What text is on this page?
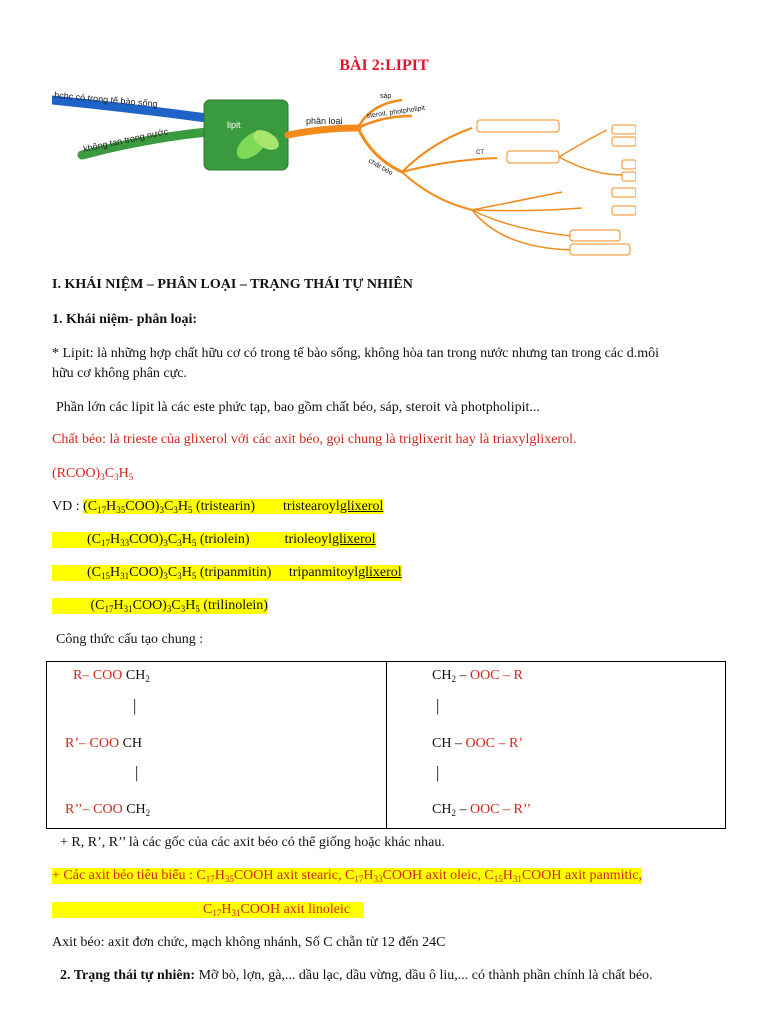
BÀI 2:LIPIT
hchc có trong tế bào sống
không tan trong nước
lipit	phân loại
sáp
steroit, photpholipit
chất béo
CT
I. KHÁI NIỆM – PHÂN LOẠI – TRẠNG THÁI TỰ NHIÊN
1. Khái niệm- phân loại:
* Lipit: là những hợp chất hữu cơ có trong tế bào sống, không hòa tan trong nước nhưng tan trong các d.môi
hữu cơ không phân cực.
Phần lớn các lipit là các este phức tạp, bao gồm chất béo, sáp, steroit và photpholipit...
Chất béo: là trieste của glixerol với các axit béo, gọi chung là triglixerit hay là triaxylglixerol.
$(RCOO)_3C_3H_5$
VD : $(C_{17}H_{35}COO)_3C_3H_5$ (tristearin) tristearoylglixerol
$(C_{17}H_{33}COO)_3C_3H_5$ (triolein)	trioleoylglixerol
$(C_{15}H_{31}COO)_3C_3H_5$ (tripanmitin) tripanmitoylglixerol
$(C_{17}H_{31}COO)_3C_3H_5$ (trilinolein)
Công thức cấu tạo chung :
R– COO $CH_2$
|
R’– COO CH
|
R’’– COO $CH_2$
$CH_2$ – OOC – R
|
CH – OOC – R’
|
$CH_2$ – OOC – R’’
+ R, R’, R’’ là các gốc của các axit béo có thể giống hoặc khác nhau.
+ Các axit béo tiêu biểu : $C_{17}H_{35}COOH$ axit stearic, $C_{17}H_{33}COOH$ axit oleic, $C_{15}H_{31}COOH$ axit panmitic,
$C_{17}H_{31}COOH$ axit linoleic
Axit béo: axit đơn chức, mạch không nhánh, Số C chẵn từ 12 đến 24C
2. Trạng thái tự nhiên: Mỡ bò, lợn, gà,... dầu lạc, dầu vừng, dầu ô liu,... có thành phần chính là chất béo.
